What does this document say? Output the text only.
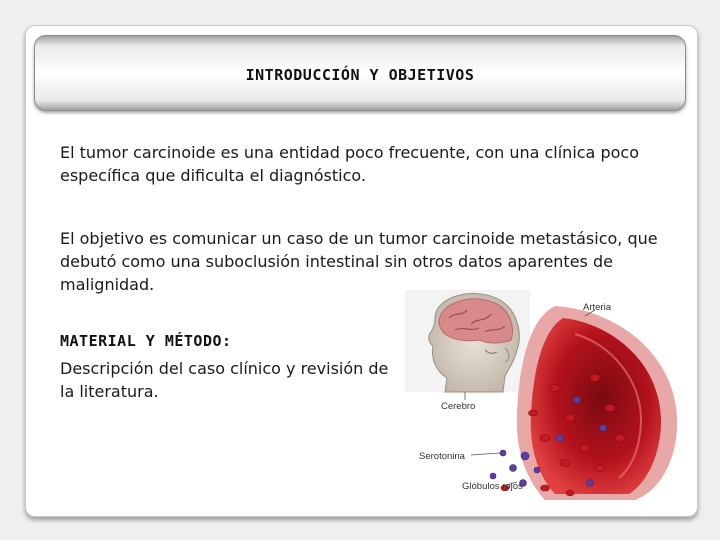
INTRODUCCIÓN Y OBJETIVOS

El tumor carcinoide es una entidad poco frecuente, con una clínica poco específica que dificulta el diagnóstico.

El objetivo es comunicar un caso de un tumor carcinoide metastásico, que debutó como una suboclusión intestinal sin otros datos aparentes de malignidad.

MATERIAL Y MÉTODO:
Descripción del caso clínico y revisión de la literatura.
Cerebro
Arteria
Serotonina
Glóbulos rojos
